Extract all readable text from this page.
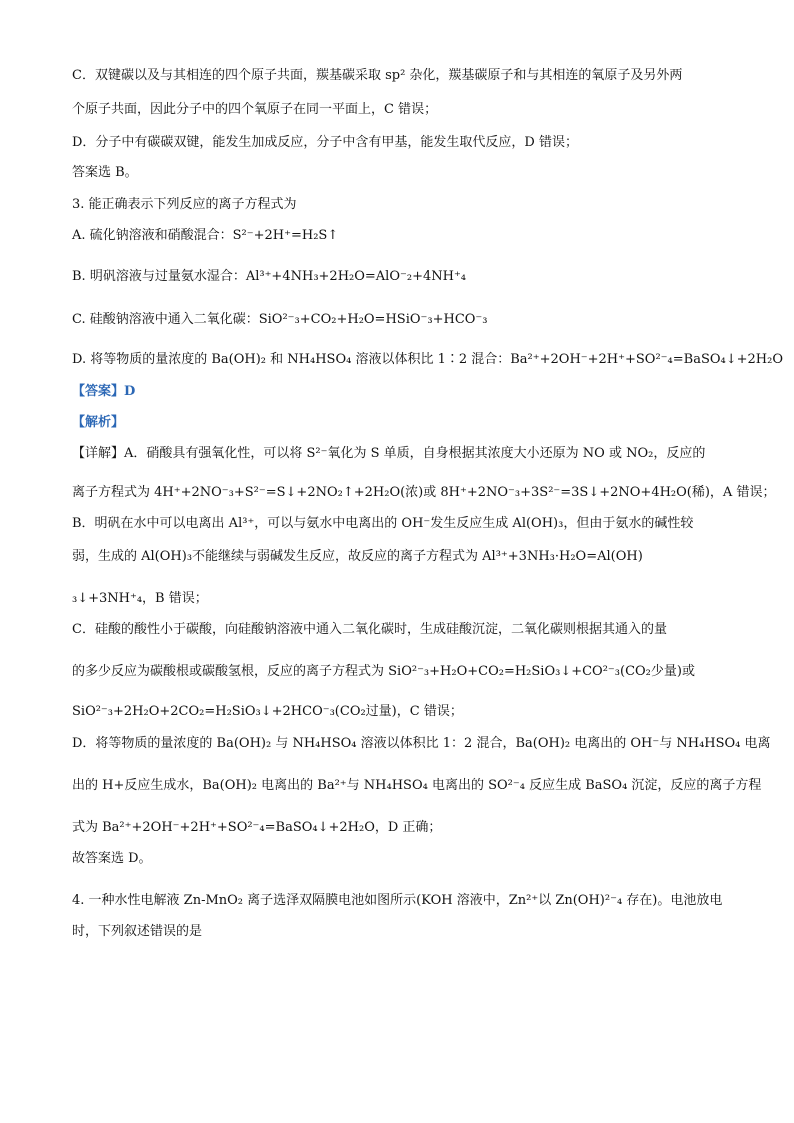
C．双键碳以及与其相连的四个原子共面，羰基碳采取 sp² 杂化，羰基碳原子和与其相连的氧原子及另外两
个原子共面，因此分子中的四个氧原子在同一平面上，C 错误；
D．分子中有碳碳双键，能发生加成反应，分子中含有甲基，能发生取代反应，D 错误；
答案选 B。
3. 能正确表示下列反应的离子方程式为
A. 硫化钠溶液和硝酸混合：S²⁻+2H⁺=H₂S↑
B. 明矾溶液与过量氨水湿合：Al³⁺+4NH₃+2H₂O=AlO⁻₂+4NH⁺₄
C. 硅酸钠溶液中通入二氧化碳：SiO²⁻₃+CO₂+H₂O=HSiO⁻₃+HCO⁻₃
D. 将等物质的量浓度的 Ba(OH)₂ 和 NH₄HSO₄ 溶液以体积比 1∶2 混合：Ba²⁺+2OH⁻+2H⁺+SO²⁻₄=BaSO₄↓+2H₂O
【答案】D
【解析】
【详解】A．硝酸具有强氧化性，可以将 S²⁻氧化为 S 单质，自身根据其浓度大小还原为 NO 或 NO₂，反应的
离子方程式为 4H⁺+2NO⁻₃+S²⁻=S↓+2NO₂↑+2H₂O(浓)或 8H⁺+2NO⁻₃+3S²⁻=3S↓+2NO+4H₂O(稀)，A 错误；
B．明矾在水中可以电离出 Al³⁺，可以与氨水中电离出的 OH⁻发生反应生成 Al(OH)₃，但由于氨水的碱性较
弱，生成的 Al(OH)₃不能继续与弱碱发生反应，故反应的离子方程式为 Al³⁺+3NH₃·H₂O=Al(OH)
₃↓+3NH⁺₄，B 错误；
C．硅酸的酸性小于碳酸，向硅酸钠溶液中通入二氧化碳时，生成硅酸沉淀，二氧化碳则根据其通入的量
的多少反应为碳酸根或碳酸氢根，反应的离子方程式为 SiO²⁻₃+H₂O+CO₂=H₂SiO₃↓+CO²⁻₃(CO₂少量)或
SiO²⁻₃+2H₂O+2CO₂=H₂SiO₃↓+2HCO⁻₃(CO₂过量)，C 错误；
D．将等物质的量浓度的 Ba(OH)₂ 与 NH₄HSO₄ 溶液以体积比 1：2 混合，Ba(OH)₂ 电离出的 OH⁻与 NH₄HSO₄ 电离
出的 H+反应生成水，Ba(OH)₂ 电离出的 Ba²⁺与 NH₄HSO₄ 电离出的 SO²⁻₄ 反应生成 BaSO₄ 沉淀，反应的离子方程
式为 Ba²⁺+2OH⁻+2H⁺+SO²⁻₄=BaSO₄↓+2H₂O，D 正确；
故答案选 D。
4. 一种水性电解液 Zn-MnO₂ 离子选泽双隔膜电池如图所示(KOH 溶液中，Zn²⁺以 Zn(OH)²⁻₄ 存在)。电池放电
时，下列叙述错误的是
